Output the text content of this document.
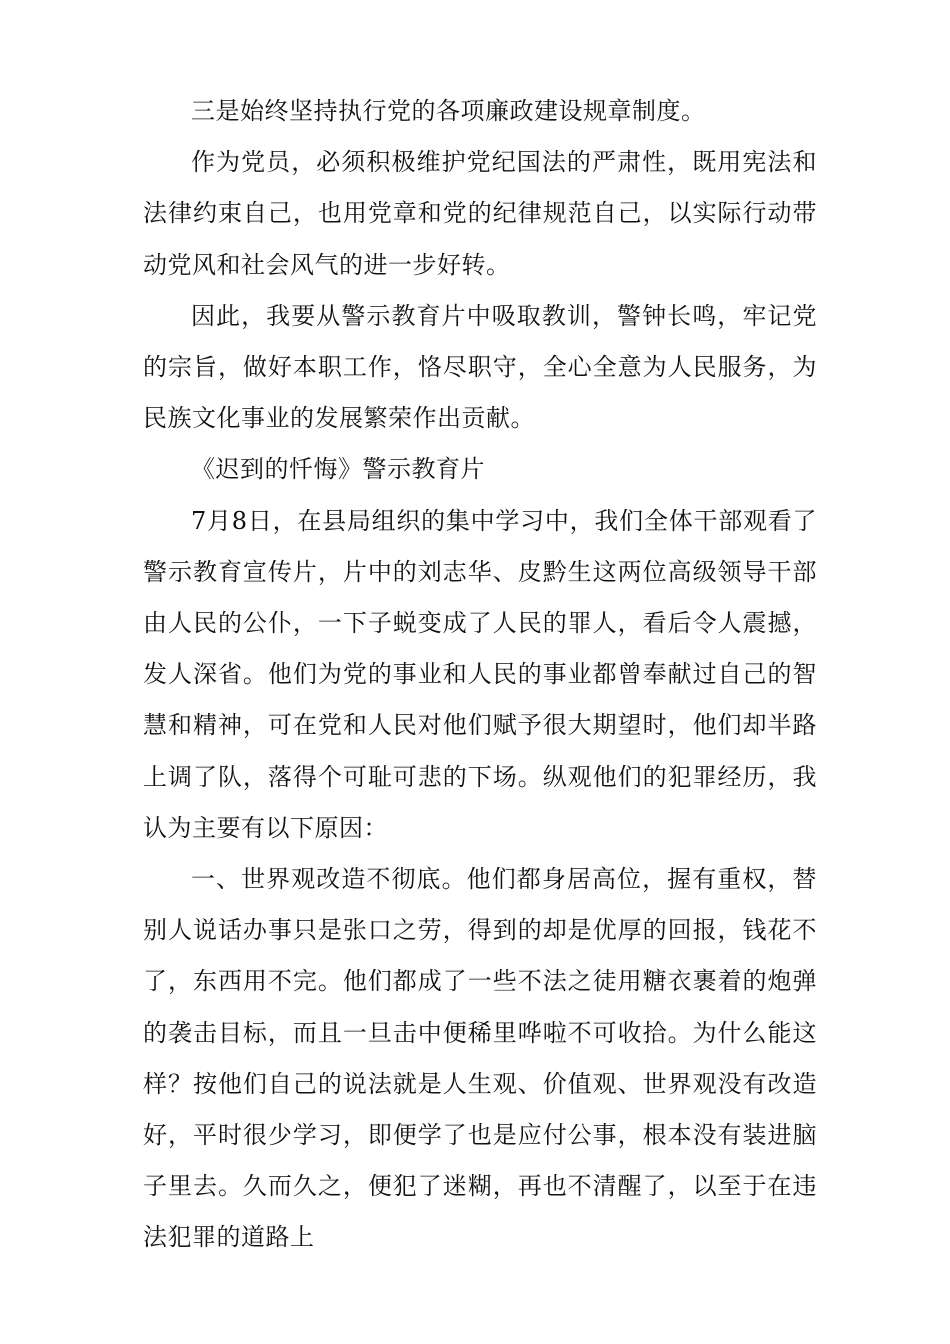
三是始终坚持执行党的各项廉政建设规章制度。

作为党员，必须积极维护党纪国法的严肃性，既用宪法和法律约束自己，也用党章和党的纪律规范自己，以实际行动带动党风和社会风气的进一步好转。

因此，我要从警示教育片中吸取教训，警钟长鸣，牢记党的宗旨，做好本职工作，恪尽职守，全心全意为人民服务，为民族文化事业的发展繁荣作出贡献。

《迟到的忏悔》警示教育片

7月8日，在县局组织的集中学习中，我们全体干部观看了警示教育宣传片，片中的刘志华、皮黔生这两位高级领导干部由人民的公仆，一下子蜕变成了人民的罪人，看后令人震撼，发人深省。他们为党的事业和人民的事业都曾奉献过自己的智慧和精神，可在党和人民对他们赋予很大期望时，他们却半路上调了队，落得个可耻可悲的下场。纵观他们的犯罪经历，我认为主要有以下原因：

一、世界观改造不彻底。他们都身居高位，握有重权，替别人说话办事只是张口之劳，得到的却是优厚的回报，钱花不了，东西用不完。他们都成了一些不法之徒用糖衣裹着的炮弹的袭击目标，而且一旦击中便稀里哗啦不可收拾。为什么能这样？按他们自己的说法就是人生观、价值观、世界观没有改造好，平时很少学习，即便学了也是应付公事，根本没有装进脑子里去。久而久之，便犯了迷糊，再也不清醒了，以至于在违法犯罪的道路上
